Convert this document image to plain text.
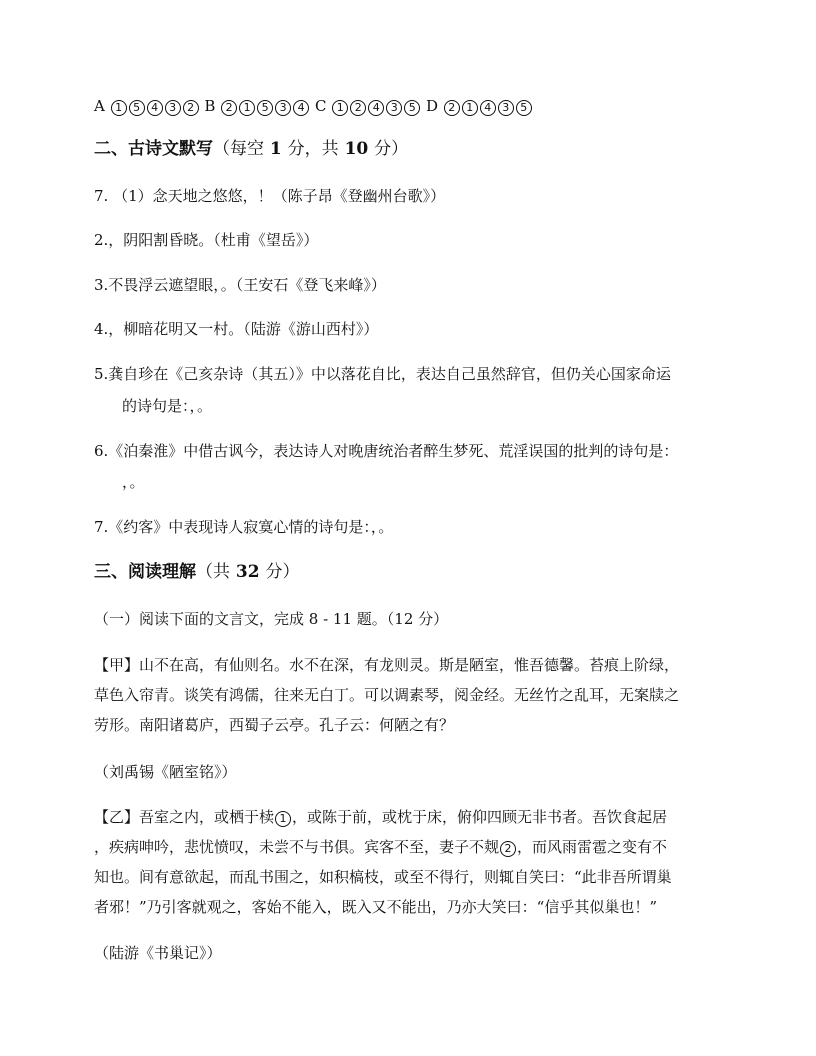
A 1 5 4 3 2 B 2 1 5 3 4 C 1 2 4 3 5 D 2 1 4 3 5
二、古诗文默写（每空 1 分，共 10 分）
7. （1）念天地之悠悠，！（陈子昂《登幽州台歌》）
2.，阴阳割昏晓。（杜甫《望岳》）
3.不畏浮云遮望眼，。（王安石《登飞来峰》）
4.，柳暗花明又一村。（陆游《游山西村》）
5.龚自珍在《己亥杂诗（其五）》中以落花自比，表达自己虽然辞官，但仍关心国家命运
的诗句是：，。
6.《泊秦淮》中借古讽今，表达诗人对晚唐统治者醉生梦死、荒淫误国的批判的诗句是：
，。
7.《约客》中表现诗人寂寞心情的诗句是：，。
三、阅读理解（共 32 分）
（一）阅读下面的文言文，完成 8 - 11 题。（12 分）
【甲】山不在高，有仙则名。水不在深，有龙则灵。斯是陋室，惟吾德馨。苔痕上阶绿，
草色入帘青。谈笑有鸿儒，往来无白丁。可以调素琴，阅金经。无丝竹之乱耳，无案牍之
劳形。南阳诸葛庐，西蜀子云亭。孔子云：何陋之有？
（刘禹锡《陋室铭》）
【乙】吾室之内，或栖于椟 1 ，或陈于前，或枕于床，俯仰四顾无非书者。吾饮食起居
，疾病呻吟，悲忧愤叹，未尝不与书俱。宾客不至，妻子不觌 2 ，而风雨雷雹之变有不
知也。间有意欲起，而乱书围之，如积槁枝，或至不得行，则辄自笑曰：“此非吾所谓巢
者邪！”乃引客就观之，客始不能入，既入又不能出，乃亦大笑曰：“信乎其似巢也！”
（陆游《书巢记》）
